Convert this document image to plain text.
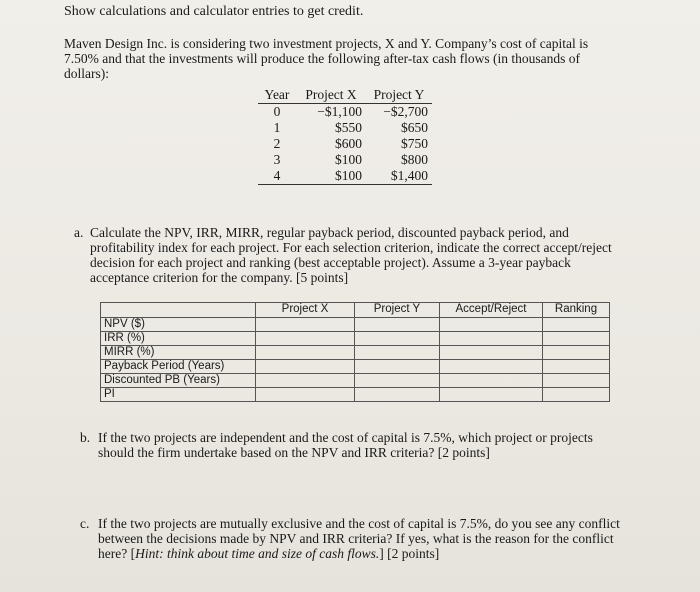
Show calculations and calculator entries to get credit.
Maven Design Inc. is considering two investment projects, X and Y. Company’s cost of capital is 7.50% and that the investments will produce the following after-tax cash flows (in thousands of dollars):
Year	Project X	Project Y
0	−$1,100	−$2,700
1	$550	$650
2	$600	$750
3	$100	$800
4	$100	$1,400
a. Calculate the NPV, IRR, MIRR, regular payback period, discounted payback period, and profitability index for each project. For each selection criterion, indicate the correct accept/reject decision for each project and ranking (best acceptable project). Assume a 3-year payback acceptance criterion for the company. [5 points]
	Project X	Project Y	Accept/Reject	Ranking
NPV ($)				
IRR (%)				
MIRR (%)				
Payback Period (Years)				
Discounted PB (Years)				
PI				
b. If the two projects are independent and the cost of capital is 7.5%, which project or projects should the firm undertake based on the NPV and IRR criteria? [2 points]
c. If the two projects are mutually exclusive and the cost of capital is 7.5%, do you see any conflict between the decisions made by NPV and IRR criteria? If yes, what is the reason for the conflict here? [Hint: think about time and size of cash flows.] [2 points]
